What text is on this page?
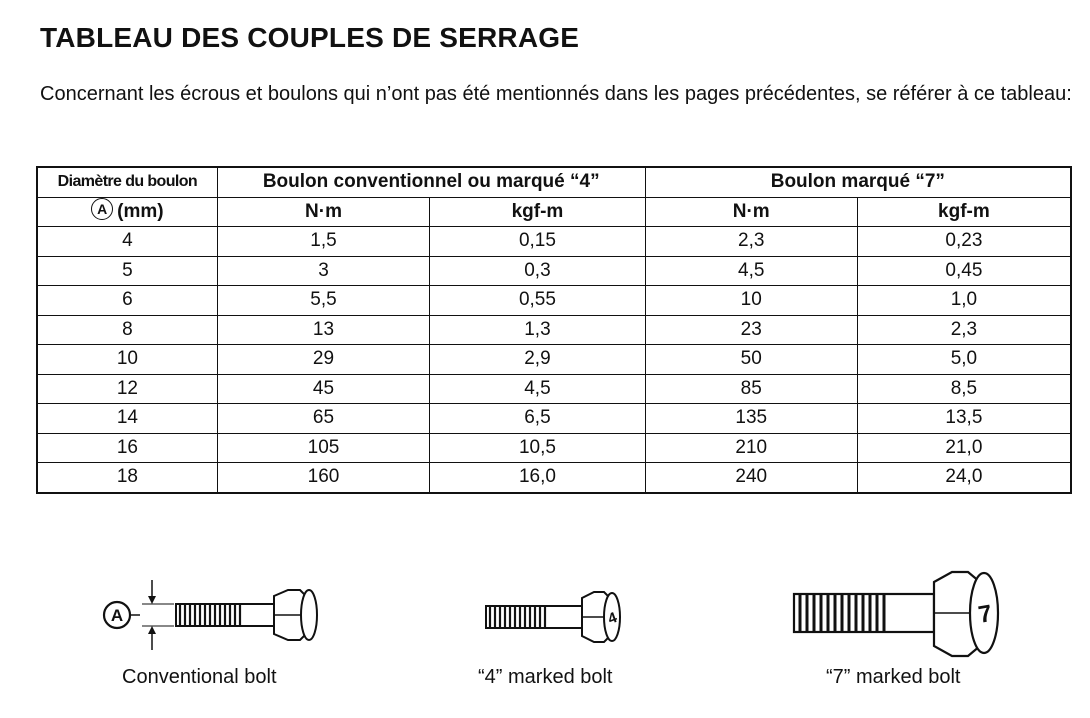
TABLEAU DES COUPLES DE SERRAGE
Concernant les écrous et boulons qui n’ont pas été mentionnés dans les pages précédentes, se référer à ce tableau:
Diamètre du boulon	Boulon conventionnel ou marqué “4”		Boulon marqué “7”	
A (mm)	N·m	kgf-m	N·m	kgf-m
4	1,5	0,15	2,3	0,23
5	3	0,3	4,5	0,45
6	5,5	0,55	10	1,0
8	13	1,3	23	2,3
10	29	2,9	50	5,0
12	45	4,5	85	8,5
14	65	6,5	135	13,5
16	105	10,5	210	21,0
18	160	16,0	240	24,0
A
Conventional bolt
4
“4” marked bolt
7
“7” marked bolt
